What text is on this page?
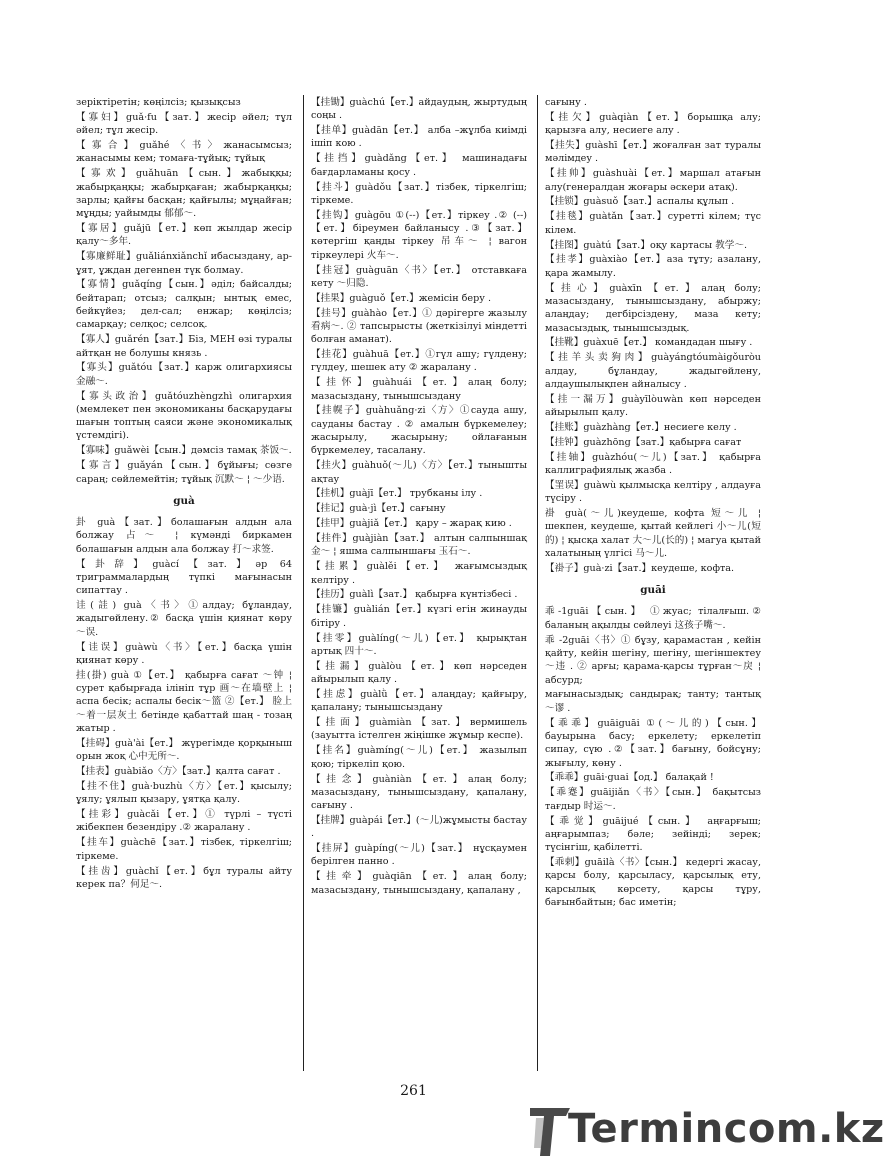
зеріктіретін; көңілсіз; қызықсыз
【寡妇】guǎ·fu【зат.】жесір әйел; тұл әйел; тұл жесір.
【寡合】guǎhé〈书〉жанасымсыз; жанасымы кем; томаға-тұйық; тұйық
【寡欢】guǎhuān【сын.】жабыққы; жабырқаңқы; жабырқаған; жабырқаңқы; зарлы; қайғы басқан; қайғылы; мұңайған; мұңды; уайымды 郁郁～.
【寡居】guǎjū【ет.】көп жылдар жесір қалу～多年.
【寡廉鲜耻】guǎliánxiǎnchǐ ибасыздану, ар-ұят, ұждан дегенnен түк болмау.
【寡情】guǎqíng【сын.】әділ; байсалды; бейтарап; отсыз; салқын; ынтық емес, бейкүйез; дел-сал; енжар; көңілсіз; самарқау; селқос; селсоқ.
【寡人】guǎrén【зат.】Біз, МЕН өзі туралы айтқан не болушы князь .
【寡头】guǎtóu【зат.】карж олигархиясы 金融～.
【寡头政治】guǎtóuzhèngzhì олигархия (мемлекет пен экономиканы басқарудағы шағын топтың саяси және экономикалық үстемдігі).
【寡味】guǎwèi【сын.】дәмсіз тамақ 茶饭～.
【寡言】guǎyán【сын.】бұйығы; сөзге сараң; сөйлемейтін; тұйық 沉默～ ¦ ～少语.
guà
卦 guà【зат.】болашағын алдын ала болжау 占～ ¦ күмәнді биркамен болашағын алдын ала болжау 打～求签.
【卦辞】guàcí【зат.】әр 64 триграммалардың түпкі мағынасын сипаттау .
诖(詿) guà〈书〉①алдау; бұландау, жадыгөйлену.② басқа үшін қиянат көру ～误.
【诖误】guàwù〈书〉【ет.】басқа үшін қиянат көру .
挂(掛) guà ①【ет.】 қабырға сағат ～钟 ¦ сурет қабырғада ілініп тұр 画～在墙壁上 ¦ аспа бесік; аспалы бесік～篮 ②【ет.】 脸上～着一层灰土 бетінде қабаттай шаң - тозаң жатыр .
【挂碍】guà'ài【ет.】 жүрегімде қорқыныш орын жоқ 心中无所～.
【挂表】guàbiǎo〈方〉【зат.】қалта сағат .
【挂不住】guà·buzhù〈方〉【ет.】қысылу; ұялу; ұялып қызару, ұятқа қалу.
【挂彩】guàcǎi【ет.】① түрлі – түсті жібекпен безендіру .② жаралану .
【挂车】guàchē【зат.】тізбек, тіркелгіш; тіркеме.
【挂齿】guàchǐ【ет.】бұл туралы айту керек па？何足～.
【挂锄】guàchú【ет.】айдаудың, жыртудың соңы .
【挂单】guàdān【ет.】 алба –жұлба киімді ішіп кою .
【挂挡】guàdǎng【ет.】 машинадағы бағдарламаны қосу .
【挂斗】guàdǒu【зат.】тізбек, тіркелгіш; тіркеме.
【挂钩】guàgōu ①(--)【ет.】тіркеу .② (--)【ет.】біреумен байланысу .③【зат.】 көтергіш қаңды тіркеу 吊车～ ¦ вагон тіркеулері 火车～.
【挂冠】guàguān〈书〉【ет.】 отставкаға кету ～归隐.
【挂果】guàguǒ【ет.】жемісін беру .
【挂号】guàhào【ет.】① дәрігерге жазылу 看病～. ② тапсырысты (жеткізілуі міндетті болған аманат).
【挂花】guàhuā【ет.】①гүл ашу; гүлдену; гүлдеу, шешек ату ② жаралану .
【挂怀】guàhuái【ет.】алаң болу; мазасыздану, тынышсыздану
【挂幌子】guàhuǎng·zi〈方〉①сауда ашу, сауданы бастау . ② амалын бүркемелеу; жасырылу, жасырыну; ойлағанын бүркемелеу, тасалану.
【挂火】guàhuǒ(～儿)〈方〉【ет.】тынышты ақтау
【挂机】guàjī【ет.】 трубканы ілу .
【挂记】guà·jì【ет.】сағыну
【挂甲】guàjiǎ【ет.】 қару – жарақ кию .
【挂件】guàjiàn【зат.】 алтын салпыншақ 金～ ¦ яшма салпыншағы 玉石～.
【挂累】guàlěi【ет.】 жағымсыздық келтіру .
【挂历】guàlì【зат.】 қабырға күнтізбесі .
【挂镰】guàlián【ет.】күзгі егін жинауды бітіру .
【挂零】guàlíng(～儿)【ет.】 қырықтан артық 四十～.
【挂漏】guàlòu【ет.】көп нәрседен айырылып қалу .
【挂虑】guàlǜ【ет.】алаңдау; қайғыру, қапалану; тынышсыздану
【挂面】guàmiàn【зат.】вермишель (зауытта істелген жіңішке жұмыр кеспе).
【挂名】guàmíng(～儿)【ет.】 жазылып қою; тіркеліп қою.
【挂念】guàniàn【ет.】алаң болу; мазасыздану, тынышсыздану, қапалану, сағыну .
【挂牌】guàpái【ет.】(～儿)жұмысты бастау .
【挂屏】guàpíng(～儿)【зат.】 нұсқаумен берілген панно .
【挂牵】guàqiān【ет.】алаң болу; мазасыздану, тынышсыздану, қапалану ,
сағыну .
【挂欠】guàqiàn【ет.】борышқа алу; қарызға алу, несиеге алу .
【挂失】guàshī【ет.】жоғалған зат туралы мәлімдеу .
【挂帅】guàshuài【ет.】маршал атағын алу(генералдан жоғары әскери атақ).
【挂锁】guàsuǒ【зат.】аспалы құлып .
【挂毯】guàtǎn【зат.】суретті кілем; түс кілем.
【挂图】guàtú【зат.】оқу картасы 教学～.
【挂孝】guàxiào【ет.】аза тұту; азалану, қара жамылу.
【挂心】guàxīn【ет.】алаң болу; мазасыздану, тынышсыздану, абыржу; алаңдау; дегбірсіздену, маза кету; мазасыздық, тынышсыздық.
【挂靴】guàxuē【ет.】 командадан шығу .
【挂羊头卖狗肉】guàyángtóumàigǒuròu алдау, бұландау, жадыгөйлену, алдаушылықпен айналысу .
【挂一漏万】guàyīlòuwàn көп нәрседен айырылып қалу.
【挂账】guàzhàng【ет.】несиеге келу .
【挂钟】guàzhōng【зат.】қабырға сағат
【挂轴】guàzhóu(～儿)【зат.】 қабырға каллиграфиялық жазба .
【罣误】guàwù қылмысқа келтіру , алдауға түсіру .
褂 guà(～儿)кеудеше, кофта 短～儿 ¦ шекпен, кеудеше, қытай кейлегі 小～儿(短的) ¦ қысқа халат 大～儿(长的) ¦ магуа қытай халатының үлгісі 马～儿.
【褂子】guà·zi【зат.】кеудеше, кофта.
guāi
乖-1guāi【сын.】 ①жуас; тілалғыш.② баланың ақылды сөйлеуі 这孩子嘴～.
乖 -2guāi〈书〉① бұзу, қарамастан , кейін қайту, кейін шегіну, шегіну, шегіншектеу ～违 . ② арғы; қарама-қарсы тұрған～戾 ¦ абсурд;
мағынасыздық; сандырақ; танту; тантық～谬 .
【乖乖】guāiguāi ①(～儿的)【сын.】 бауырына басу; еркелету; еркелетіп сипау, сүю .②【зат.】бағыну, бойсұну; жығылу, көну .
【乖乖】guāi·guai【од.】 балақай !
【乖蹇】guāijiǎn〈书〉【сын.】 бақытсыз тағдыр 时运～.
【乖觉】guāijué【сын.】 аңғарғыш; аңғарымпаз; бәле; зейінді; зерек; түсінгіш, қабілетті.
【乖剌】guāilà〈书〉【сын.】 кедергі жасау, қарсы болу, қарсыласу, қарсылық ету, қарсылық көрсету, қарсы тұру, бағынбайтын; бас иметін;
261
Termincom.kz
